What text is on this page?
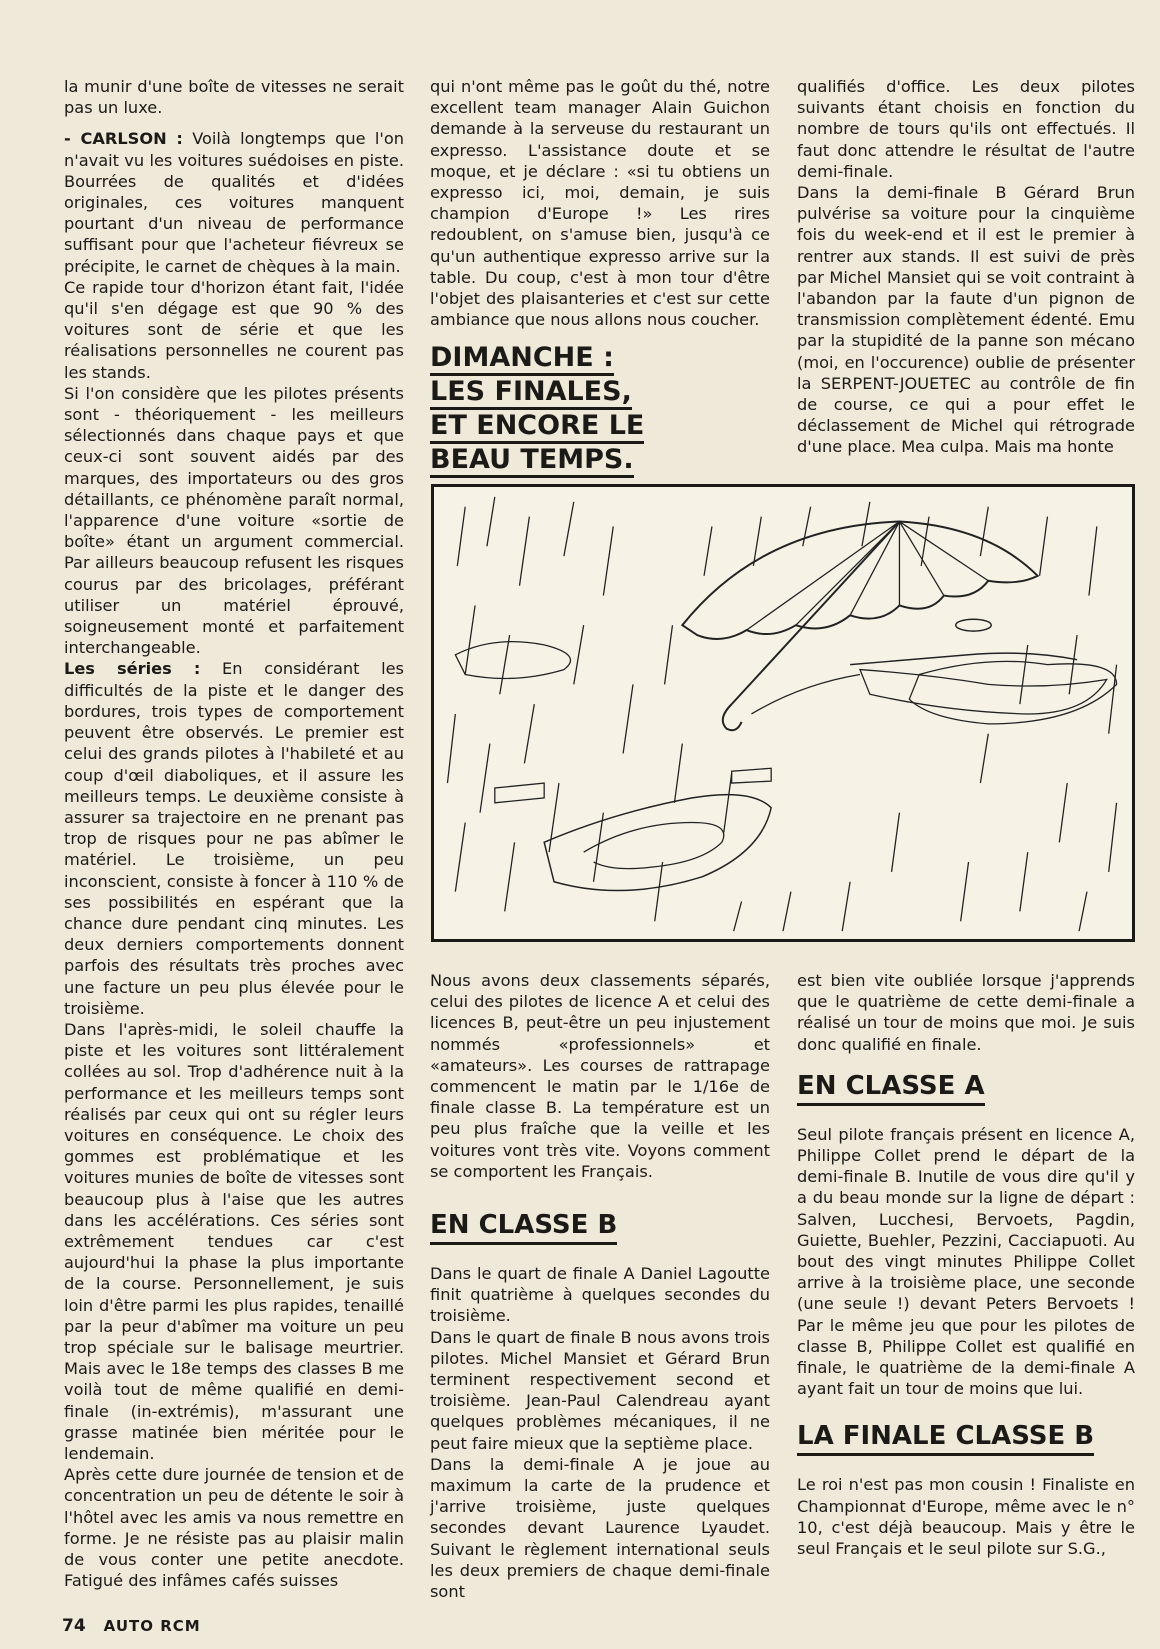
la munir d'une boîte de vitesses ne serait pas un luxe.

- CARLSON : Voilà longtemps que l'on n'avait vu les voitures suédoises en piste. Bourrées de qualités et d'idées originales, ces voitures manquent pourtant d'un niveau de performance suffisant pour que l'acheteur fiévreux se précipite, le carnet de chèques à la main.

Ce rapide tour d'horizon étant fait, l'idée qu'il s'en dégage est que 90 % des voitures sont de série et que les réalisations personnelles ne courent pas les stands.

Si l'on considère que les pilotes présents sont - théoriquement - les meilleurs sélectionnés dans chaque pays et que ceux-ci sont souvent aidés par des marques, des importateurs ou des gros détaillants, ce phénomène paraît normal, l'apparence d'une voiture «sortie de boîte» étant un argument commercial. Par ailleurs beaucoup refusent les risques courus par des bricolages, préférant utiliser un matériel éprouvé, soigneusement monté et parfaitement interchangeable.

Les séries : En considérant les difficultés de la piste et le danger des bordures, trois types de comportement peuvent être observés. Le premier est celui des grands pilotes à l'habileté et au coup d'œil diaboliques, et il assure les meilleurs temps. Le deuxième consiste à assurer sa trajectoire en ne prenant pas trop de risques pour ne pas abîmer le matériel. Le troisième, un peu inconscient, consiste à foncer à 110 % de ses possibilités en espérant que la chance dure pendant cinq minutes. Les deux derniers comportements donnent parfois des résultats très proches avec une facture un peu plus élevée pour le troisième.

Dans l'après-midi, le soleil chauffe la piste et les voitures sont littéralement collées au sol. Trop d'adhérence nuit à la performance et les meilleurs temps sont réalisés par ceux qui ont su régler leurs voitures en conséquence. Le choix des gommes est problématique et les voitures munies de boîte de vitesses sont beaucoup plus à l'aise que les autres dans les accélérations. Ces séries sont extrêmement tendues car c'est aujourd'hui la phase la plus importante de la course. Personnellement, je suis loin d'être parmi les plus rapides, tenaillé par la peur d'abîmer ma voiture un peu trop spéciale sur le balisage meurtrier. Mais avec le 18e temps des classes B me voilà tout de même qualifié en demi-finale (in-extrémis), m'assurant une grasse matinée bien méritée pour le lendemain.

Après cette dure journée de tension et de concentration un peu de détente le soir à l'hôtel avec les amis va nous remettre en forme. Je ne résiste pas au plaisir malin de vous conter une petite anecdote. Fatigué des infâmes cafés suisses

qui n'ont même pas le goût du thé, notre excellent team manager Alain Guichon demande à la serveuse du restaurant un expresso. L'assistance doute et se moque, et je déclare : «si tu obtiens un expresso ici, moi, demain, je suis champion d'Europe !» Les rires redoublent, on s'amuse bien, jusqu'à ce qu'un authentique expresso arrive sur la table. Du coup, c'est à mon tour d'être l'objet des plaisanteries et c'est sur cette ambiance que nous allons nous coucher.

DIMANCHE :
LES FINALES,
ET ENCORE LE
BEAU TEMPS.

qualifiés d'office. Les deux pilotes suivants étant choisis en fonction du nombre de tours qu'ils ont effectués. Il faut donc attendre le résultat de l'autre demi-finale.

Dans la demi-finale B Gérard Brun pulvérise sa voiture pour la cinquième fois du week-end et il est le premier à rentrer aux stands. Il est suivi de près par Michel Mansiet qui se voit contraint à l'abandon par la faute d'un pignon de transmission complètement édenté. Emu par la stupidité de la panne son mécano (moi, en l'occurence) oublie de présenter la SERPENT-JOUETEC au contrôle de fin de course, ce qui a pour effet le déclassement de Michel qui rétrograde d'une place. Mea culpa. Mais ma honte

Nous avons deux classements séparés, celui des pilotes de licence A et celui des licences B, peut-être un peu injustement nommés «professionnels» et «amateurs». Les courses de rattrapage commencent le matin par le 1/16e de finale classe B. La température est un peu plus fraîche que la veille et les voitures vont très vite. Voyons comment se comportent les Français.

EN CLASSE B

Dans le quart de finale A Daniel Lagoutte finit quatrième à quelques secondes du troisième.

Dans le quart de finale B nous avons trois pilotes. Michel Mansiet et Gérard Brun terminent respectivement second et troisième. Jean-Paul Calendreau ayant quelques problèmes mécaniques, il ne peut faire mieux que la septième place.

Dans la demi-finale A je joue au maximum la carte de la prudence et j'arrive troisième, juste quelques secondes devant Laurence Lyaudet. Suivant le règlement international seuls les deux premiers de chaque demi-finale sont

est bien vite oubliée lorsque j'apprends que le quatrième de cette demi-finale a réalisé un tour de moins que moi. Je suis donc qualifié en finale.

EN CLASSE A

Seul pilote français présent en licence A, Philippe Collet prend le départ de la demi-finale B. Inutile de vous dire qu'il y a du beau monde sur la ligne de départ : Salven, Lucchesi, Bervoets, Pagdin, Guiette, Buehler, Pezzini, Cacciapuoti. Au bout des vingt minutes Philippe Collet arrive à la troisième place, une seconde (une seule !) devant Peters Bervoets ! Par le même jeu que pour les pilotes de classe B, Philippe Collet est qualifié en finale, le quatrième de la demi-finale A ayant fait un tour de moins que lui.

LA FINALE CLASSE B

Le roi n'est pas mon cousin ! Finaliste en Championnat d'Europe, même avec le n° 10, c'est déjà beaucoup. Mais y être le seul Français et le seul pilote sur S.G.,

74 AUTO RCM
